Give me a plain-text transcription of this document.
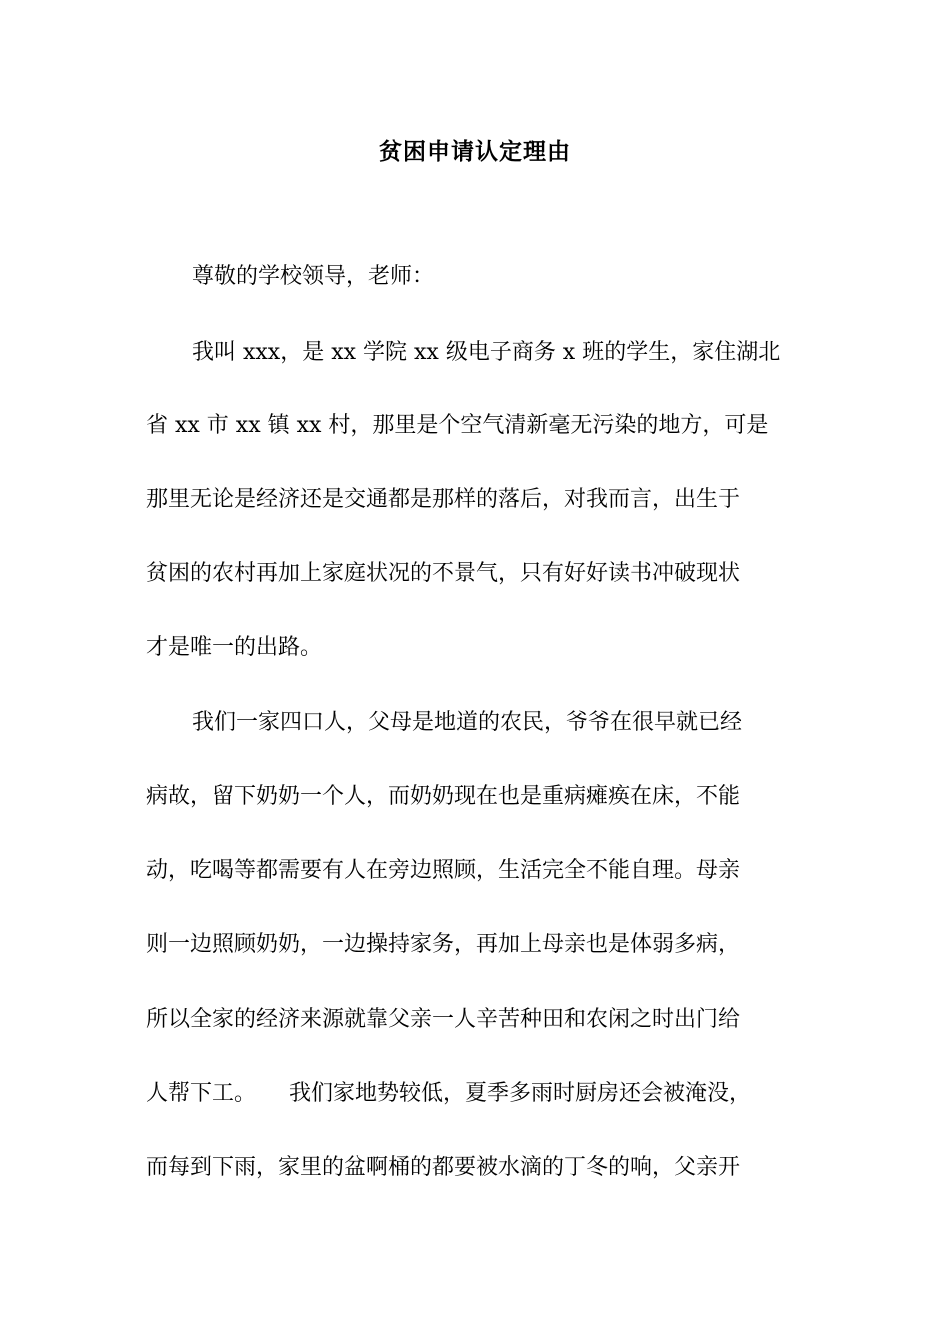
贫困申请认定理由
尊敬的学校领导，老师：
我叫 xxx，是 xx 学院 xx 级电子商务 x 班的学生，家住湖北
省 xx 市 xx 镇 xx 村，那里是个空气清新毫无污染的地方，可是
那里无论是经济还是交通都是那样的落后，对我而言，出生于
贫困的农村再加上家庭状况的不景气，只有好好读书冲破现状
才是唯一的出路。
我们一家四口人，父母是地道的农民，爷爷在很早就已经
病故，留下奶奶一个人，而奶奶现在也是重病瘫痪在床，不能
动，吃喝等都需要有人在旁边照顾，生活完全不能自理。母亲
则一边照顾奶奶，一边操持家务，再加上母亲也是体弱多病，
所以全家的经济来源就靠父亲一人辛苦种田和农闲之时出门给
人帮下工。　　我们家地势较低，夏季多雨时厨房还会被淹没，
而每到下雨，家里的盆啊桶的都要被水滴的丁冬的响，父亲开
